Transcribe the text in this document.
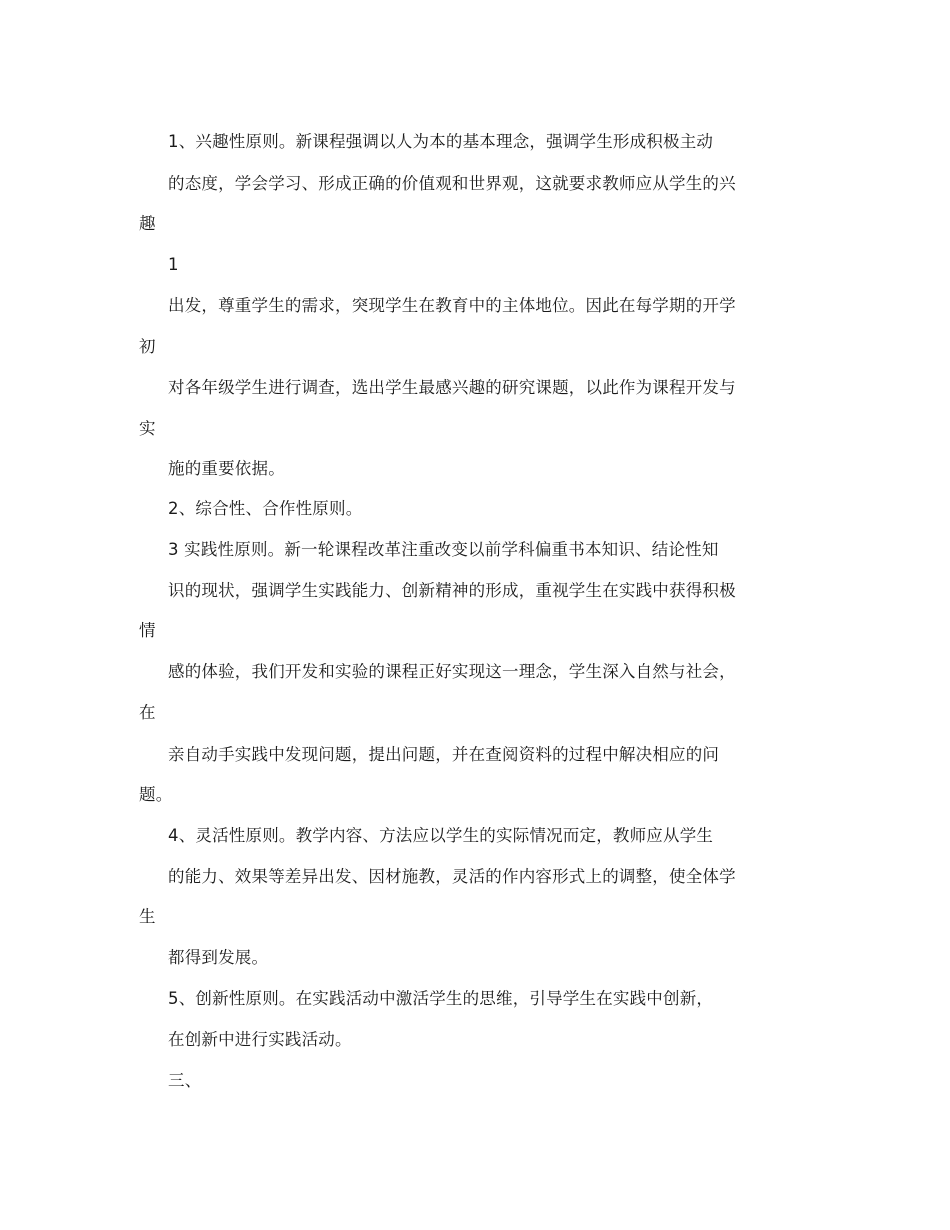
1、兴趣性原则。新课程强调以人为本的基本理念，强调学生形成积极主动
的态度，学会学习、形成正确的价值观和世界观，这就要求教师应从学生的兴
趣
1
出发，尊重学生的需求，突现学生在教育中的主体地位。因此在每学期的开学
初
对各年级学生进行调查，选出学生最感兴趣的研究课题，以此作为课程开发与
实
施的重要依据。
2、综合性、合作性原则。
3 实践性原则。新一轮课程改革注重改变以前学科偏重书本知识、结论性知
识的现状，强调学生实践能力、创新精神的形成，重视学生在实践中获得积极
情
感的体验，我们开发和实验的课程正好实现这一理念，学生深入自然与社会，
在
亲自动手实践中发现问题，提出问题，并在查阅资料的过程中解决相应的问
题。
4、灵活性原则。教学内容、方法应以学生的实际情况而定，教师应从学生
的能力、效果等差异出发、因材施教，灵活的作内容形式上的调整，使全体学
生
都得到发展。
5、创新性原则。在实践活动中激活学生的思维，引导学生在实践中创新，
在创新中进行实践活动。
三、
